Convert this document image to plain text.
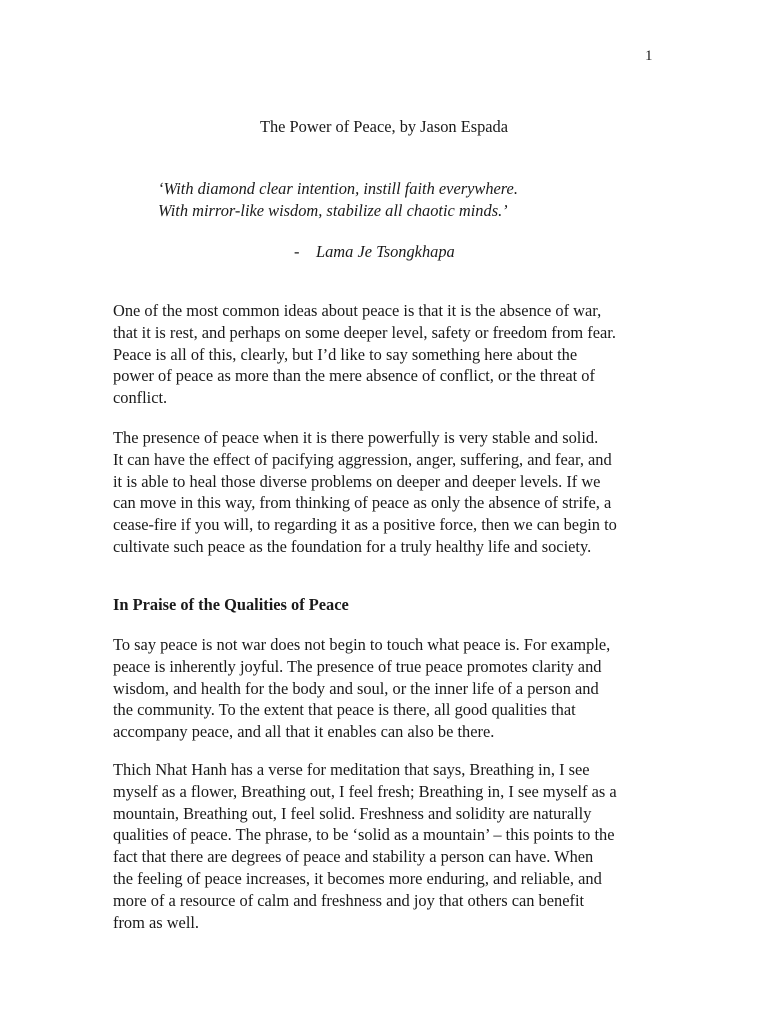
1
The Power of Peace, by Jason Espada
‘With diamond clear intention, instill faith everywhere.
With mirror-like wisdom, stabilize all chaotic minds.’
- Lama Je Tsongkhapa
One of the most common ideas about peace is that it is the absence of war,
that it is rest, and perhaps on some deeper level, safety or freedom from fear.
Peace is all of this, clearly, but I’d like to say something here about the
power of peace as more than the mere absence of conflict, or the threat of
conflict.
The presence of peace when it is there powerfully is very stable and solid.
It can have the effect of pacifying aggression, anger, suffering, and fear, and
it is able to heal those diverse problems on deeper and deeper levels. If we
can move in this way, from thinking of peace as only the absence of strife, a
cease-fire if you will, to regarding it as a positive force, then we can begin to
cultivate such peace as the foundation for a truly healthy life and society.
In Praise of the Qualities of Peace
To say peace is not war does not begin to touch what peace is. For example,
peace is inherently joyful. The presence of true peace promotes clarity and
wisdom, and health for the body and soul, or the inner life of a person and
the community. To the extent that peace is there, all good qualities that
accompany peace, and all that it enables can also be there.
Thich Nhat Hanh has a verse for meditation that says, Breathing in, I see
myself as a flower, Breathing out, I feel fresh; Breathing in, I see myself as a
mountain, Breathing out, I feel solid. Freshness and solidity are naturally
qualities of peace. The phrase, to be ‘solid as a mountain’ – this points to the
fact that there are degrees of peace and stability a person can have. When
the feeling of peace increases, it becomes more enduring, and reliable, and
more of a resource of calm and freshness and joy that others can benefit
from as well.
